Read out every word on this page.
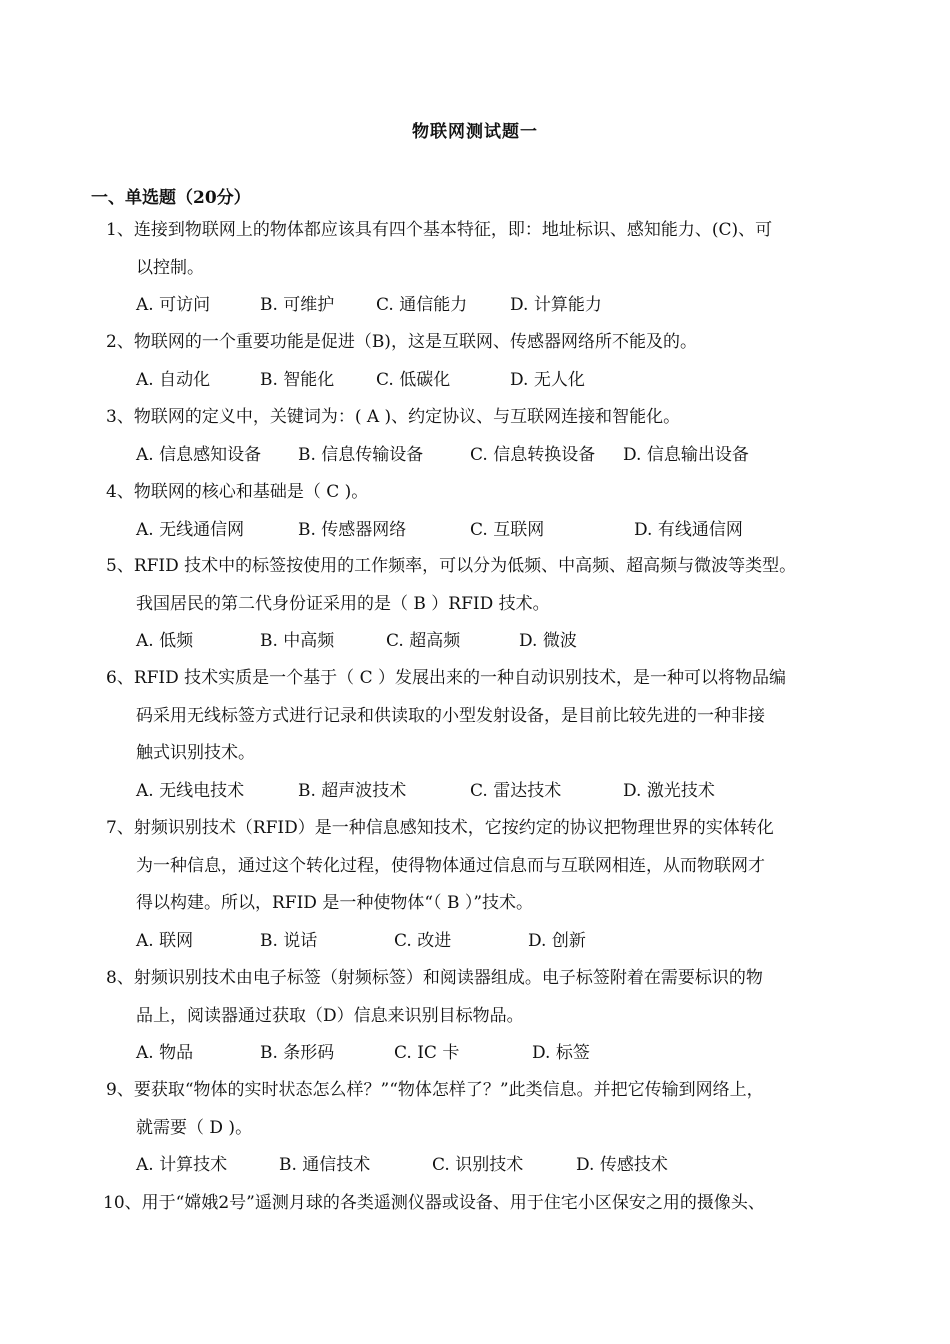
物联网测试题一
一、单选题（20分）
1、连接到物联网上的物体都应该具有四个基本特征，即：地址标识、感知能力、(C)、可
以控制。
A. 可访问	B. 可维护 C. 通信能力	D. 计算能力
2、物联网的一个重要功能是促进（B)，这是互联网、传感器网络所不能及的。
A. 自动化	B. 智能化 C. 低碳化	D. 无人化
3、物联网的定义中，关键词为：( A )、约定协议、与互联网连接和智能化。
A. 信息感知设备 B. 信息传输设备	C. 信息转换设备 D. 信息输出设备
4、物联网的核心和基础是（ C )。
A. 无线通信网	B. 传感器网络	C. 互联网	D. 有线通信网
5、RFID 技术中的标签按使用的工作频率，可以分为低频、中高频、超高频与微波等类型。
我国居民的第二代身份证采用的是（ B ）RFID 技术。
A. 低频	B. 中高频	C. 超高频	D. 微波
6、RFID 技术实质是一个基于（ C ）发展出来的一种自动识别技术，是一种可以将物品编
码采用无线标签方式进行记录和供读取的小型发射设备，是目前比较先进的一种非接
触式识别技术。
A. 无线电技术	B. 超声波技术	C. 雷达技术	D. 激光技术
7、射频识别技术（RFID）是一种信息感知技术，它按约定的协议把物理世界的实体转化
为一种信息，通过这个转化过程，使得物体通过信息而与互联网相连，从而物联网才
得以构建。所以，RFID 是一种使物体“（ B ）”技术。
A. 联网	B. 说话	C. 改进	D. 创新
8、射频识别技术由电子标签（射频标签）和阅读器组成。电子标签附着在需要标识的物
品上，阅读器通过获取（D）信息来识别目标物品。
A. 物品	B. 条形码	C. IC 卡	D. 标签
9、要获取“物体的实时状态怎么样？”“物体怎样了？”此类信息。并把它传输到网络上，
就需要（ D )。
A. 计算技术	B. 通信技术	C. 识别技术	D. 传感技术
10、用于“嫦娥2号”遥测月球的各类遥测仪器或设备、用于住宅小区保安之用的摄像头、
